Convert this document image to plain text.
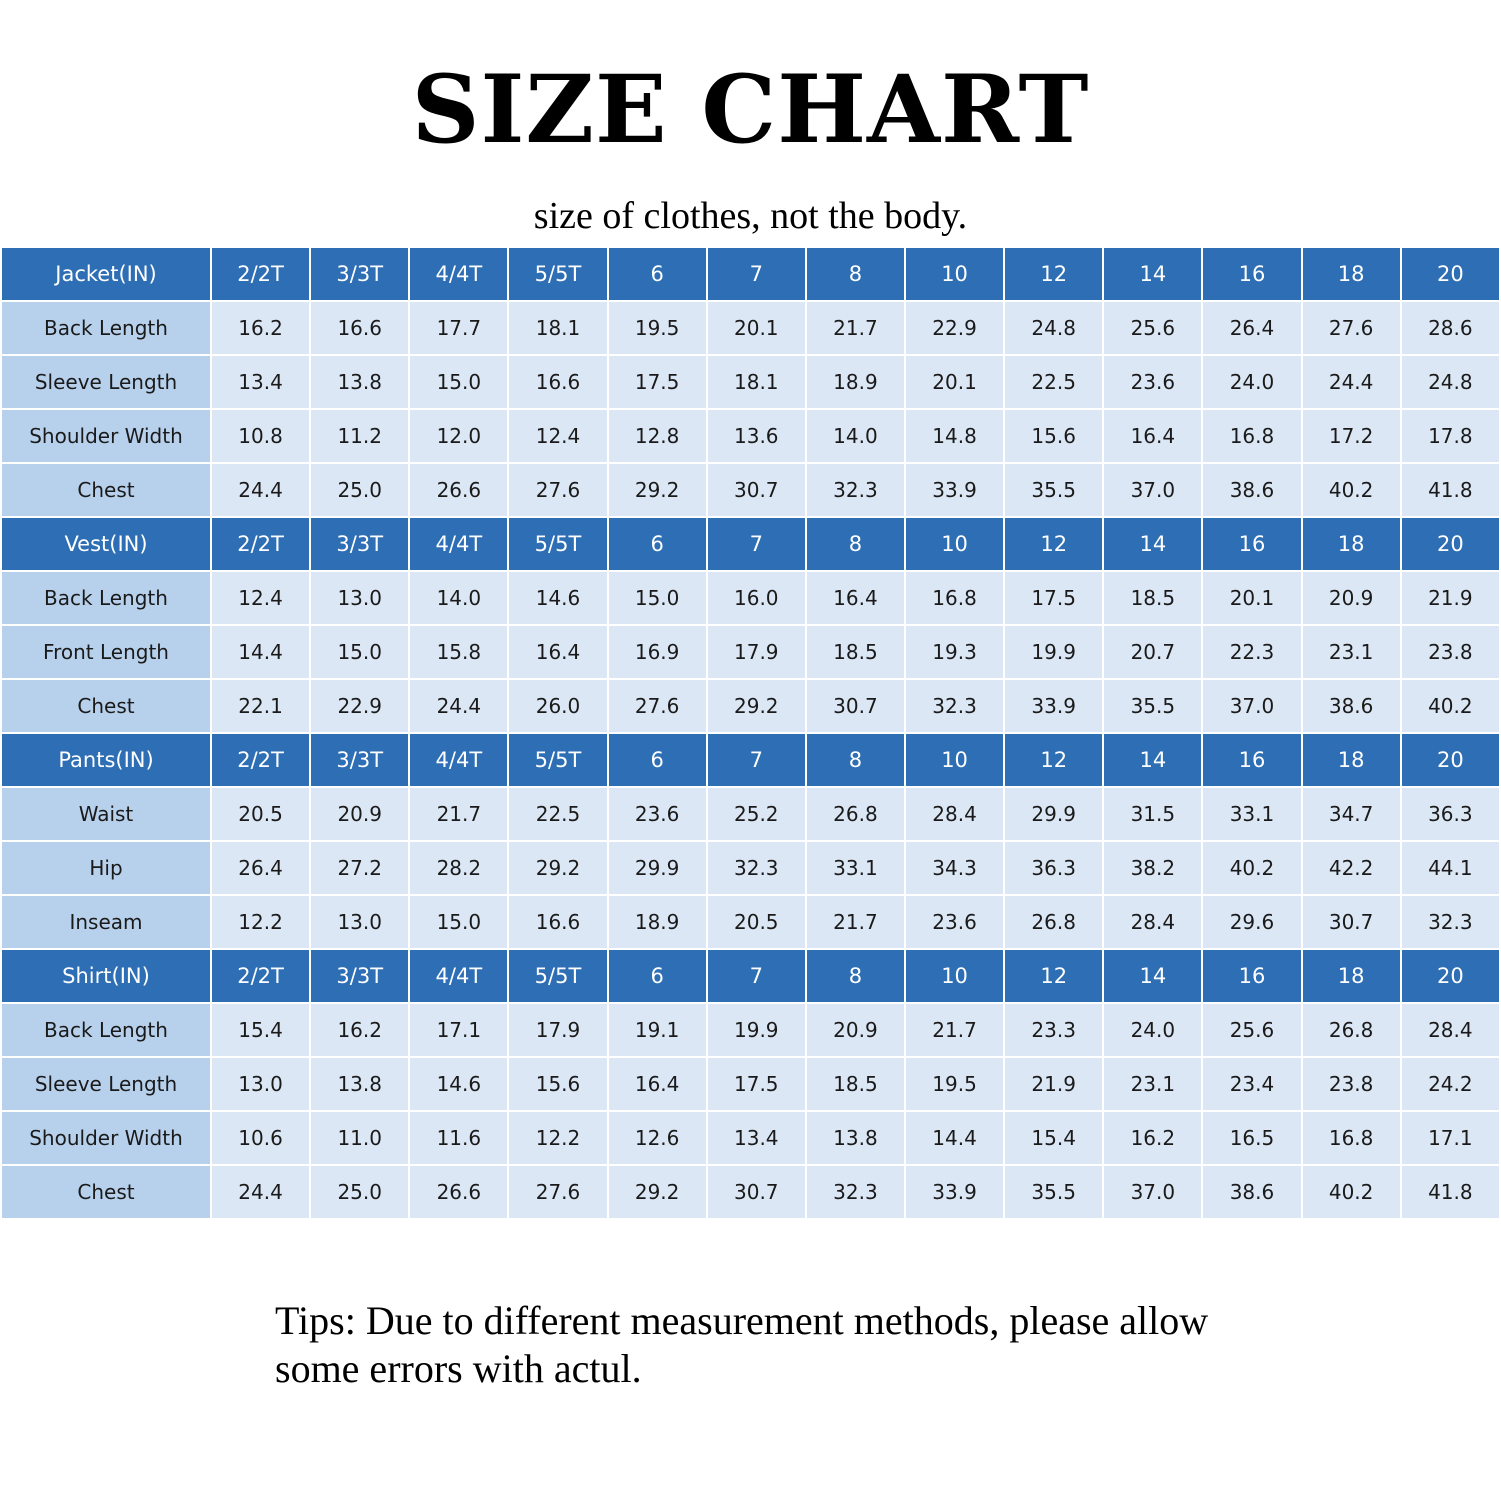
SIZE CHART
size of clothes, not the body.
Jacket(IN)	2/2T	3/3T	4/4T	5/5T	6	7	8	10	12	14	16	18	20
Back Length	16.2	16.6	17.7	18.1	19.5	20.1	21.7	22.9	24.8	25.6	26.4	27.6	28.6
Sleeve Length	13.4	13.8	15.0	16.6	17.5	18.1	18.9	20.1	22.5	23.6	24.0	24.4	24.8
Shoulder Width	10.8	11.2	12.0	12.4	12.8	13.6	14.0	14.8	15.6	16.4	16.8	17.2	17.8
Chest	24.4	25.0	26.6	27.6	29.2	30.7	32.3	33.9	35.5	37.0	38.6	40.2	41.8
Vest(IN)	2/2T	3/3T	4/4T	5/5T	6	7	8	10	12	14	16	18	20
Back Length	12.4	13.0	14.0	14.6	15.0	16.0	16.4	16.8	17.5	18.5	20.1	20.9	21.9
Front Length	14.4	15.0	15.8	16.4	16.9	17.9	18.5	19.3	19.9	20.7	22.3	23.1	23.8
Chest	22.1	22.9	24.4	26.0	27.6	29.2	30.7	32.3	33.9	35.5	37.0	38.6	40.2
Pants(IN)	2/2T	3/3T	4/4T	5/5T	6	7	8	10	12	14	16	18	20
Waist	20.5	20.9	21.7	22.5	23.6	25.2	26.8	28.4	29.9	31.5	33.1	34.7	36.3
Hip	26.4	27.2	28.2	29.2	29.9	32.3	33.1	34.3	36.3	38.2	40.2	42.2	44.1
Inseam	12.2	13.0	15.0	16.6	18.9	20.5	21.7	23.6	26.8	28.4	29.6	30.7	32.3
Shirt(IN)	2/2T	3/3T	4/4T	5/5T	6	7	8	10	12	14	16	18	20
Back Length	15.4	16.2	17.1	17.9	19.1	19.9	20.9	21.7	23.3	24.0	25.6	26.8	28.4
Sleeve Length	13.0	13.8	14.6	15.6	16.4	17.5	18.5	19.5	21.9	23.1	23.4	23.8	24.2
Shoulder Width	10.6	11.0	11.6	12.2	12.6	13.4	13.8	14.4	15.4	16.2	16.5	16.8	17.1
Chest	24.4	25.0	26.6	27.6	29.2	30.7	32.3	33.9	35.5	37.0	38.6	40.2	41.8
Tips: Due to different measurement methods, please allow
some errors with actul.
